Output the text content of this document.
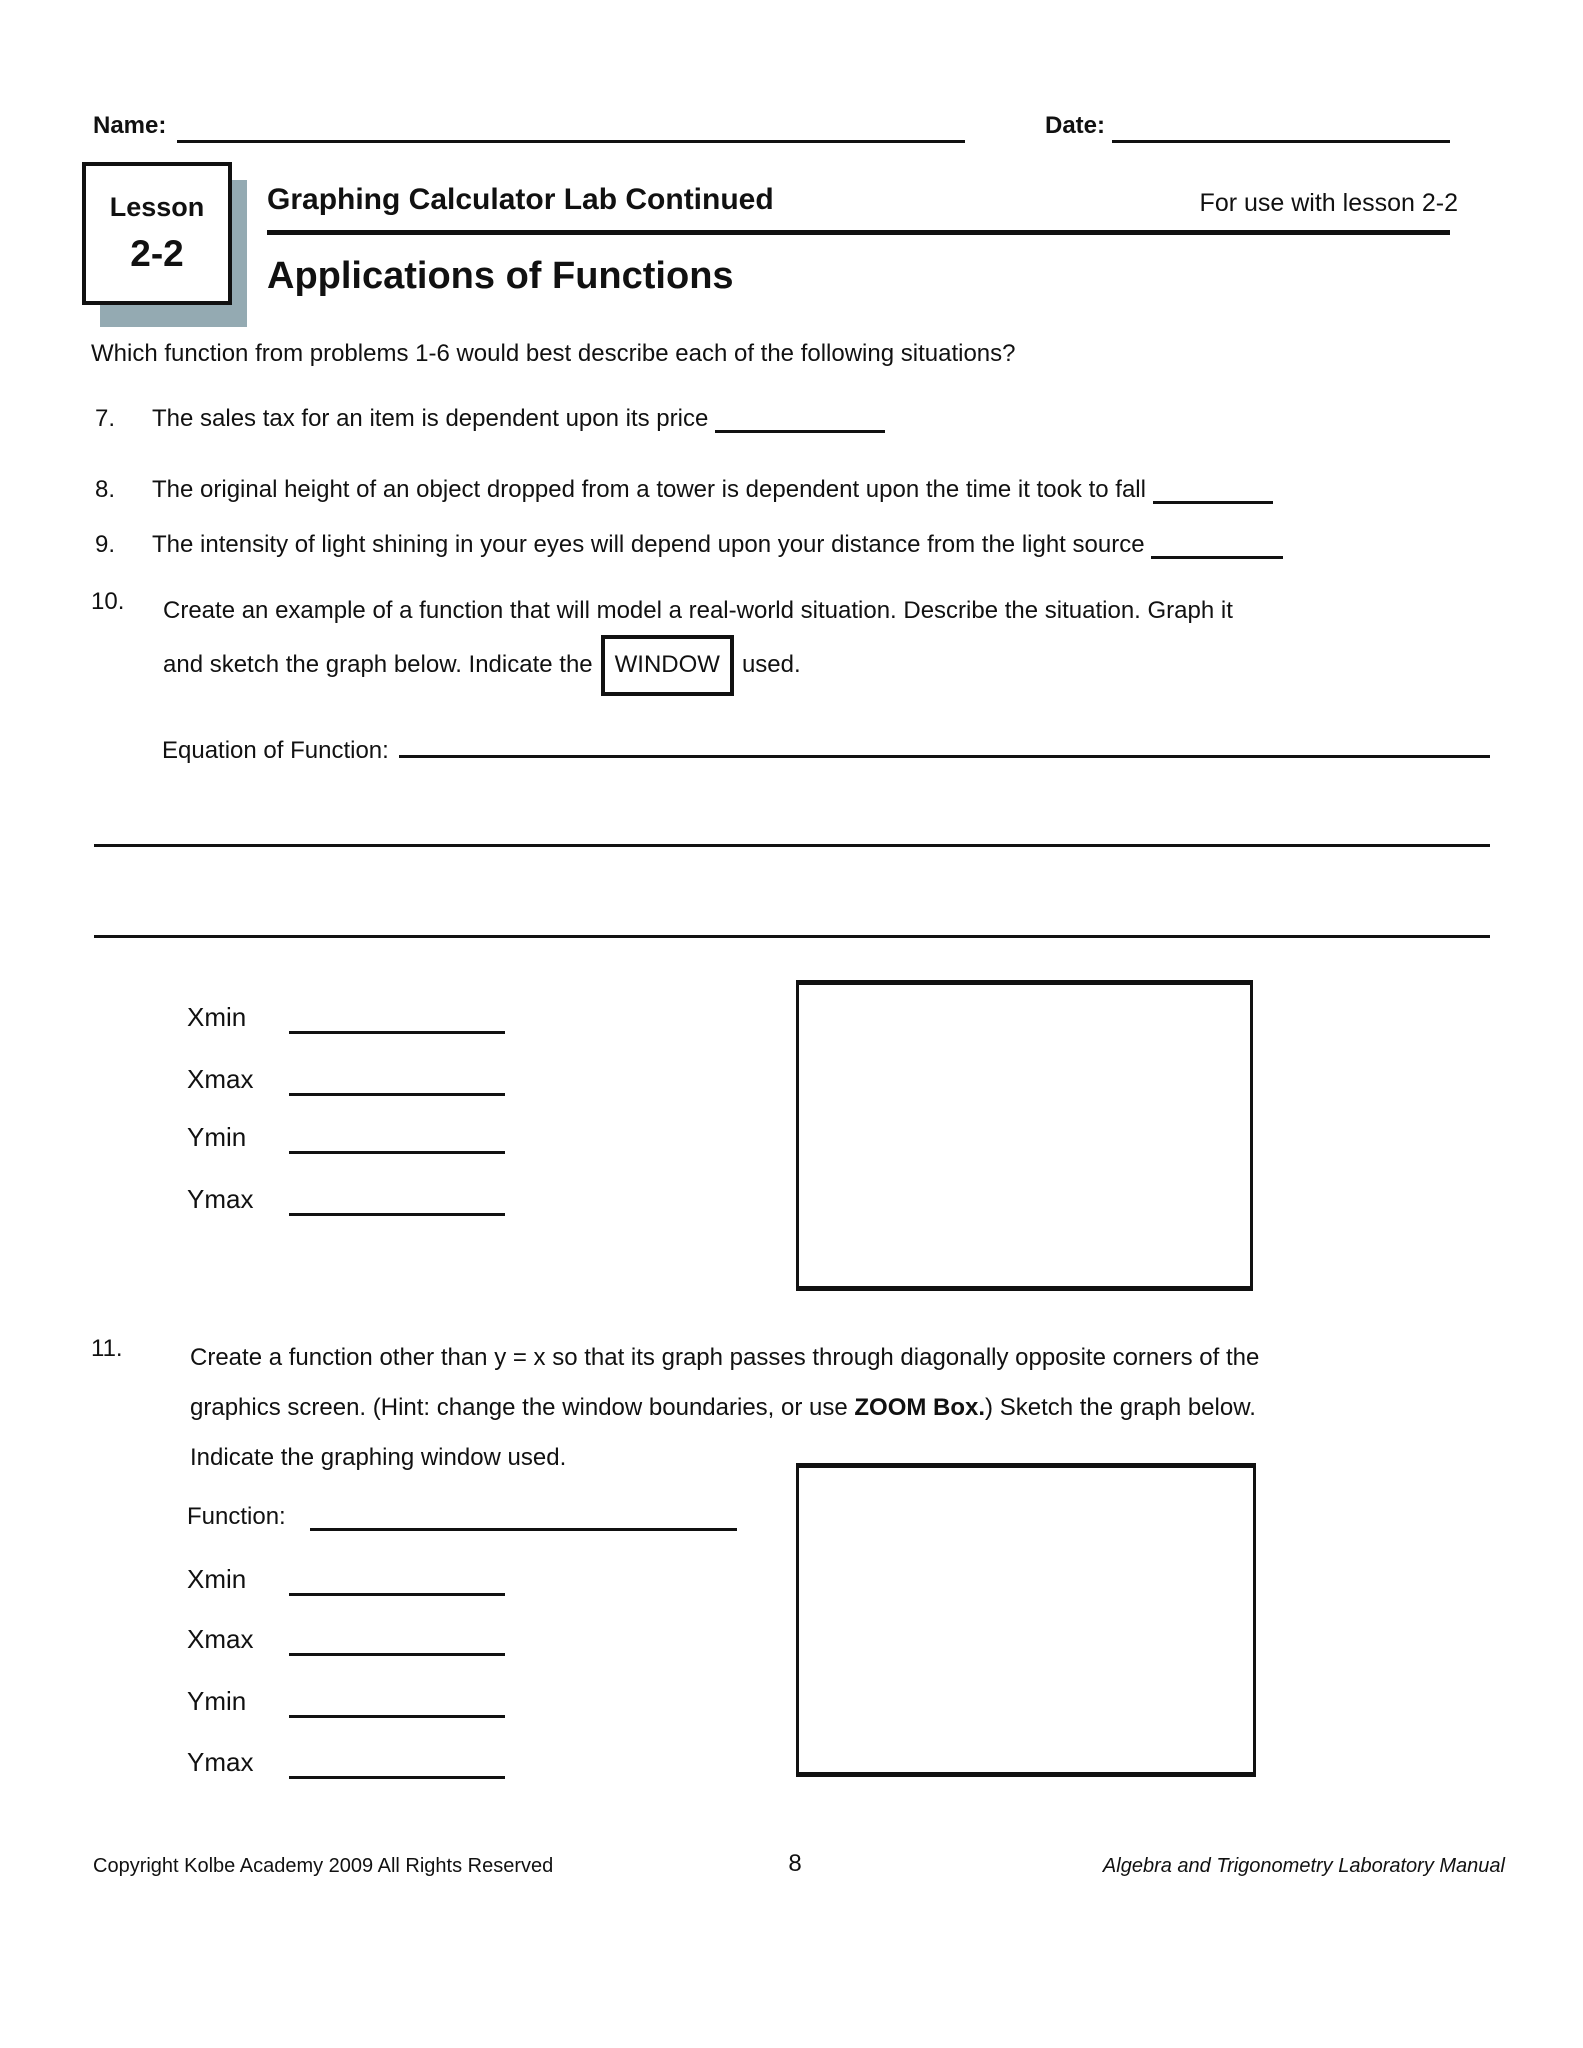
Name:	Date:
Lesson
2-2
Graphing Calculator Lab Continued	For use with lesson 2-2
Applications of Functions
Which function from problems 1-6 would best describe each of the following situations?
7. The sales tax for an item is dependent upon its price
8. The original height of an object dropped from a tower is dependent upon the time it took to fall
9. The intensity of light shining in your eyes will depend upon your distance from the light source
10. Create an example of a function that will model a real-world situation. Describe the situation. Graph it
and sketch the graph below. Indicate the WINDOW used.
Equation of Function:
Xmin
Xmax
Ymin
Ymax
11.	Create a function other than y = x so that its graph passes through diagonally opposite corners of the
graphics screen. (Hint: change the window boundaries, or use ZOOM Box.) Sketch the graph below.
Indicate the graphing window used.
Function:
Xmin
Xmax
Ymin
Ymax
Copyright Kolbe Academy 2009 All Rights Reserved	8	Algebra and Trigonometry Laboratory Manual
